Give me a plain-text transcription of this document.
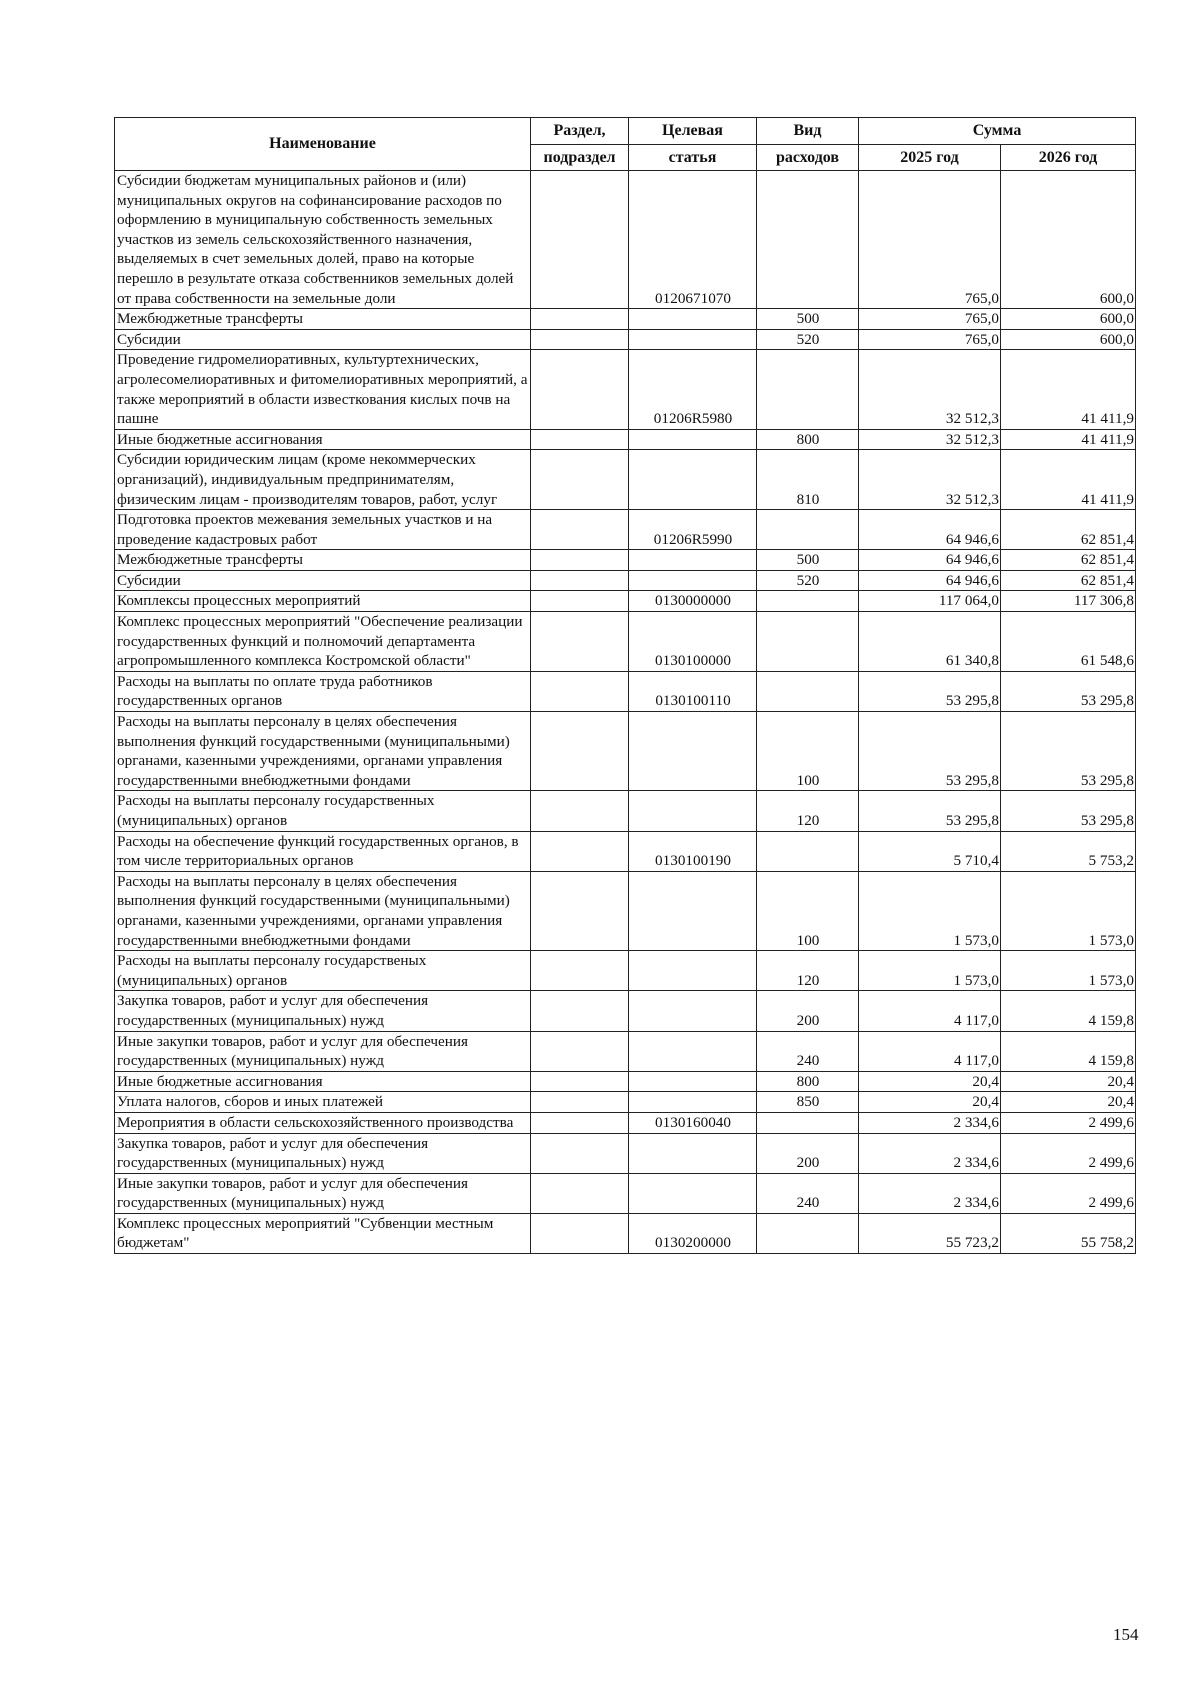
Наименование	Раздел,	Целевая	Вид	Сумма	
	подраздел	статья	расходов	2025 год	2026 год
Субсидии бюджетам муниципальных районов и (или) муниципальных округов на софинансирование расходов по оформлению в муниципальную собственность земельных участков из земель сельскохозяйственного назначения, выделяемых в счет земельных долей, право на которые перешло в результате отказа собственников земельных долей от права собственности на земельные доли		0120671070		765,0	600,0
Межбюджетные трансферты			500	765,0	600,0
Субсидии			520	765,0	600,0
Проведение гидромелиоративных, культуртехнических, агролесомелиоративных и фитомелиоративных мероприятий, а также мероприятий в области известкования кислых почв на пашне		01206R5980		32 512,3	41 411,9
Иные бюджетные ассигнования			800	32 512,3	41 411,9
Субсидии юридическим лицам (кроме некоммерческих организаций), индивидуальным предпринимателям, физическим лицам - производителям товаров, работ, услуг			810	32 512,3	41 411,9
Подготовка проектов межевания земельных участков и на проведение кадастровых работ		01206R5990		64 946,6	62 851,4
Межбюджетные трансферты			500	64 946,6	62 851,4
Субсидии			520	64 946,6	62 851,4
Комплексы процессных мероприятий		0130000000		117 064,0	117 306,8
Комплекс процессных мероприятий "Обеспечение реализации государственных функций и полномочий департамента агропромышленного комплекса Костромской области"		0130100000		61 340,8	61 548,6
Расходы на выплаты по оплате труда работников государственных органов		0130100110		53 295,8	53 295,8
Расходы на выплаты персоналу в целях обеспечения выполнения функций государственными (муниципальными) органами, казенными учреждениями, органами управления государственными внебюджетными фондами			100	53 295,8	53 295,8
Расходы на выплаты персоналу государственных (муниципальных) органов			120	53 295,8	53 295,8
Расходы на обеспечение функций государственных органов, в том числе территориальных органов		0130100190		5 710,4	5 753,2
Расходы на выплаты персоналу в целях обеспечения выполнения функций государственными (муниципальными) органами, казенными учреждениями, органами управления государственными внебюджетными фондами			100	1 573,0	1 573,0
Расходы на выплаты персоналу государственых (муниципальных) органов			120	1 573,0	1 573,0
Закупка товаров, работ и услуг для обеспечения государственных (муниципальных) нужд			200	4 117,0	4 159,8
Иные закупки товаров, работ и услуг для обеспечения государственных (муниципальных) нужд			240	4 117,0	4 159,8
Иные бюджетные ассигнования			800	20,4	20,4
Уплата налогов, сборов и иных платежей			850	20,4	20,4
Мероприятия в области сельскохозяйственного производства		0130160040		2 334,6	2 499,6
Закупка товаров, работ и услуг для обеспечения государственных (муниципальных) нужд			200	2 334,6	2 499,6
Иные закупки товаров, работ и услуг для обеспечения государственных (муниципальных) нужд			240	2 334,6	2 499,6
Комплекс процессных мероприятий "Субвенции местным бюджетам"		0130200000		55 723,2	55 758,2
154
